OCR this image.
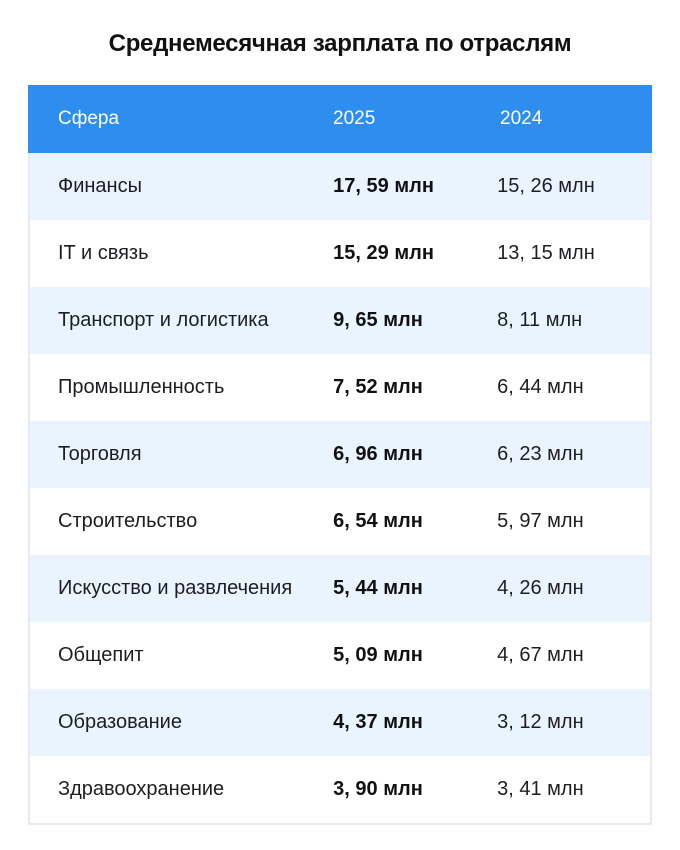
Среднемесячная зарплата по отраслям
Сфера	2025	2024
Финансы	17, 59 млн	15, 26 млн
IT и связь	15, 29 млн	13, 15 млн
Транспорт и логистика	9, 65 млн	8, 11 млн
Промышленность	7, 52 млн	6, 44 млн
Торговля	6, 96 млн	6, 23 млн
Строительство	6, 54 млн	5, 97 млн
Искусство и развлечения	5, 44 млн	4, 26 млн
Общепит	5, 09 млн	4, 67 млн
Образование	4, 37 млн	3, 12 млн
Здравоохранение	3, 90 млн	3, 41 млн
